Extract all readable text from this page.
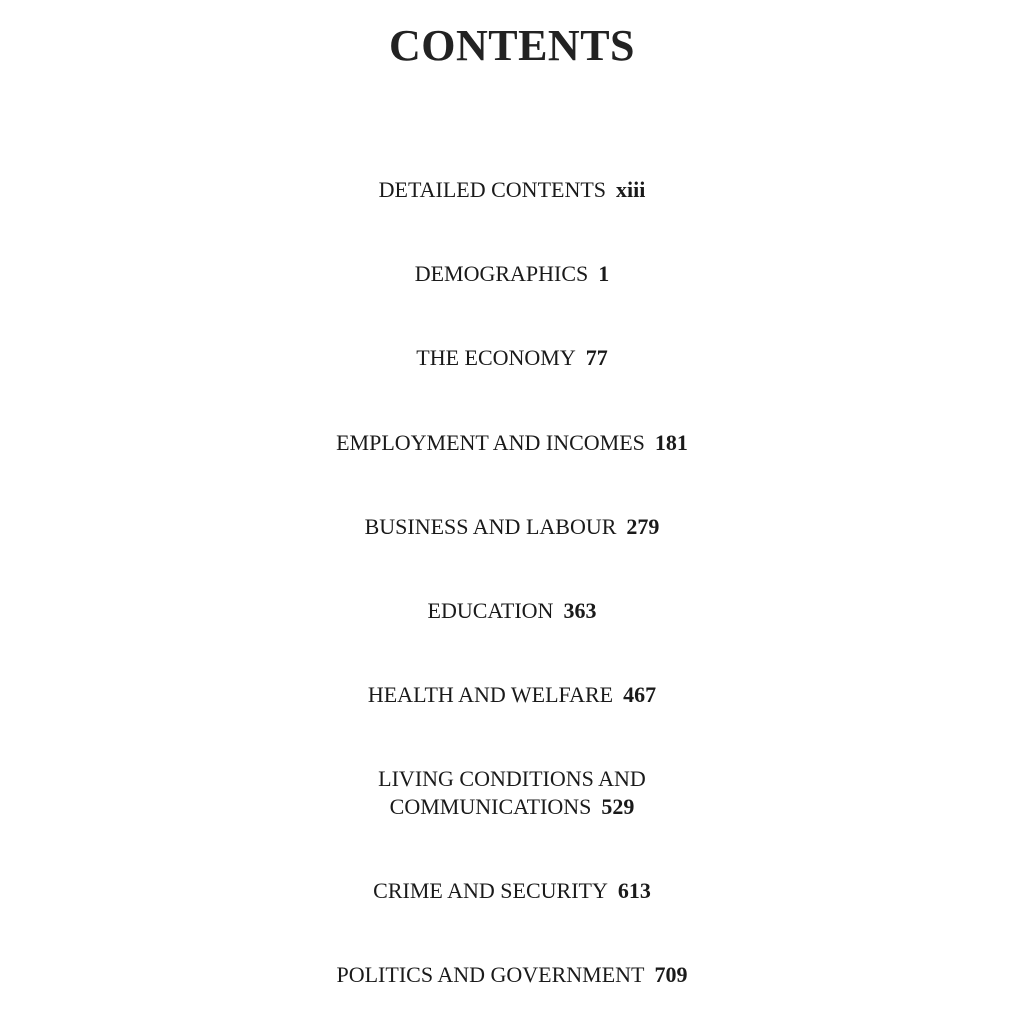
CONTENTS
DETAILED CONTENTS xiii
DEMOGRAPHICS 1
THE ECONOMY 77
EMPLOYMENT AND INCOMES 181
BUSINESS AND LABOUR 279
EDUCATION 363
HEALTH AND WELFARE 467
LIVING CONDITIONS AND
COMMUNICATIONS 529
CRIME AND SECURITY 613
POLITICS AND GOVERNMENT 709
